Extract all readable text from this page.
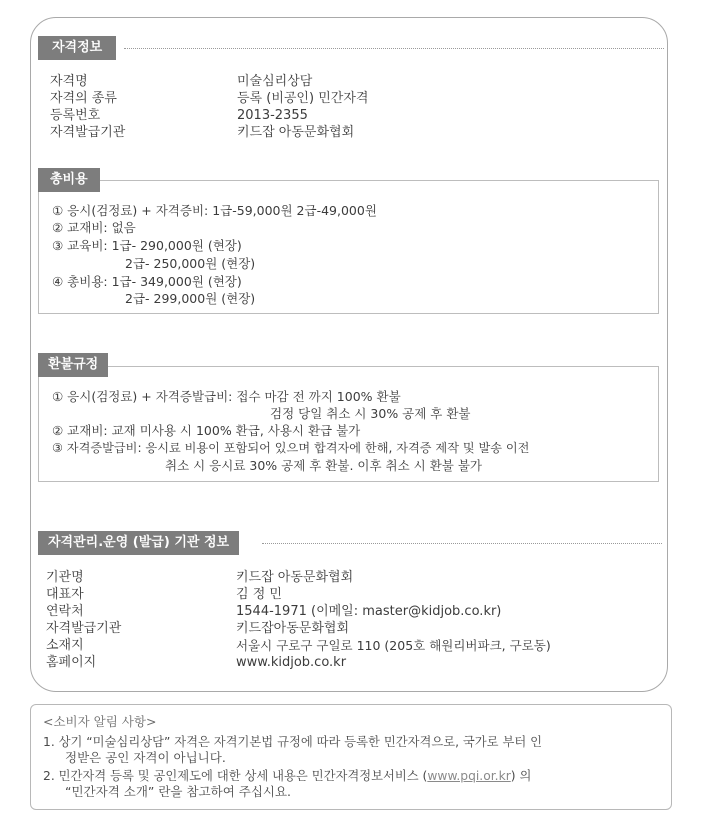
자격정보
자격명	미술심리상담
자격의 종류	등록 (비공인) 민간자격
등록번호	2013-2355
자격발급기관	키드잡 아동문화협회
총비용
① 응시(검정료) + 자격증비: 1급-59,000원 2급-49,000원
② 교재비: 없음
③ 교육비: 1급- 290,000원 (현장)
2급- 250,000원 (현장)
④ 총비용: 1급- 349,000원 (현장)
2급- 299,000원 (현장)
환불규정
① 응시(검정료) + 자격증발급비: 접수 마감 전 까지 100% 환불
검정 당일 취소 시 30% 공제 후 환불
② 교재비: 교재 미사용 시 100% 환급, 사용시 환급 불가
③ 자격증발급비: 응시료 비용이 포함되어 있으며 합격자에 한해, 자격증 제작 및 발송 이전
취소 시 응시료 30% 공제 후 환불. 이후 취소 시 환불 불가
자격관리.운영 (발급) 기관 정보
기관명	키드잡 아동문화협회
대표자	김 정 민
연락처	1544-1971 (이메일: master@kidjob.co.kr)
자격발급기관	키드잡아동문화협회
소재지	서울시 구로구 구일로 110 (205호 해원리버파크, 구로동)
홈페이지	www.kidjob.co.kr
<소비자 알림 사항>
1. 상기 “미술심리상담” 자격은 자격기본법 규정에 따라 등록한 민간자격으로, 국가로 부터 인
정받은 공인 자격이 아닙니다.
2. 민간자격 등록 및 공인제도에 대한 상세 내용은 민간자격정보서비스 (www.pqi.or.kr) 의
“민간자격 소개” 란을 참고하여 주십시요.
